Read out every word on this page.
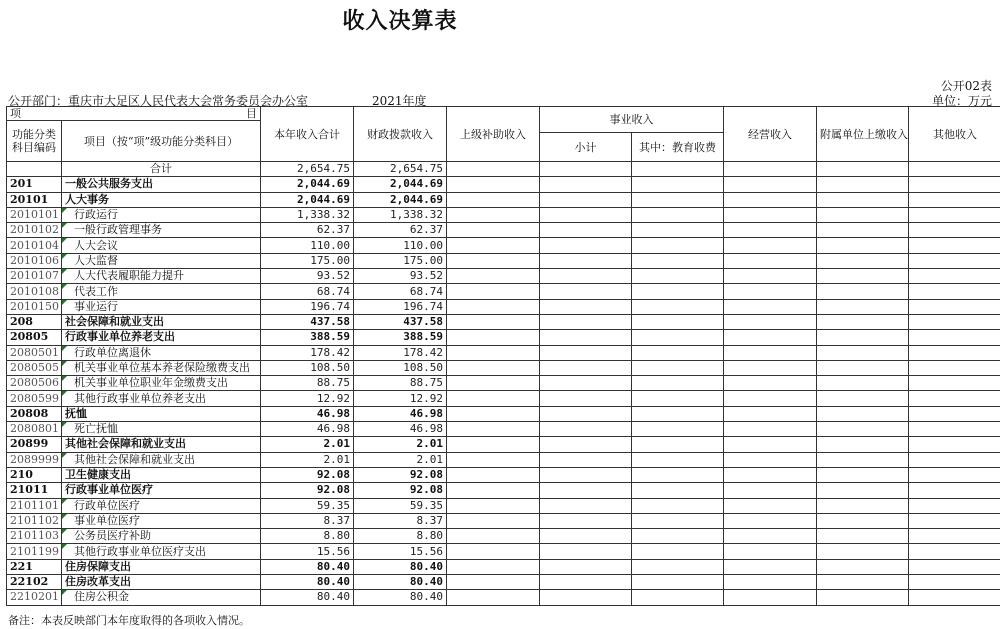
收入决算表
公开02表
公开部门：重庆市大足区人民代表大会常务委员会办公室	2021年度	单位：万元
项 目		本年收入合计	财政拨款收入	上级补助收入	事业收入		经营收入	附属单位上缴收入	其他收入
功能分类科目编码	项目（按“项”级功能分类科目）								
					小计	其中：教育收费			
	合计	2,654.75	2,654.75						
201	一般公共服务支出	2,044.69	2,044.69						
20101	人大事务	2,044.69	2,044.69						
2010101	行政运行	1,338.32	1,338.32						
2010102	一般行政管理事务	62.37	62.37						
2010104	人大会议	110.00	110.00						
2010106	人大监督	175.00	175.00						
2010107	人大代表履职能力提升	93.52	93.52						
2010108	代表工作	68.74	68.74						
2010150	事业运行	196.74	196.74						
208	社会保障和就业支出	437.58	437.58						
20805	行政事业单位养老支出	388.59	388.59						
2080501	行政单位离退休	178.42	178.42						
2080505	机关事业单位基本养老保险缴费支出	108.50	108.50						
2080506	机关事业单位职业年金缴费支出	88.75	88.75						
2080599	其他行政事业单位养老支出	12.92	12.92						
20808	抚恤	46.98	46.98						
2080801	死亡抚恤	46.98	46.98						
20899	其他社会保障和就业支出	2.01	2.01						
2089999	其他社会保障和就业支出	2.01	2.01						
210	卫生健康支出	92.08	92.08						
21011	行政事业单位医疗	92.08	92.08						
2101101	行政单位医疗	59.35	59.35						
2101102	事业单位医疗	8.37	8.37						
2101103	公务员医疗补助	8.80	8.80						
2101199	其他行政事业单位医疗支出	15.56	15.56						
221	住房保障支出	80.40	80.40						
22102	住房改革支出	80.40	80.40						
2210201	住房公积金	80.40	80.40						
备注：本表反映部门本年度取得的各项收入情况。
